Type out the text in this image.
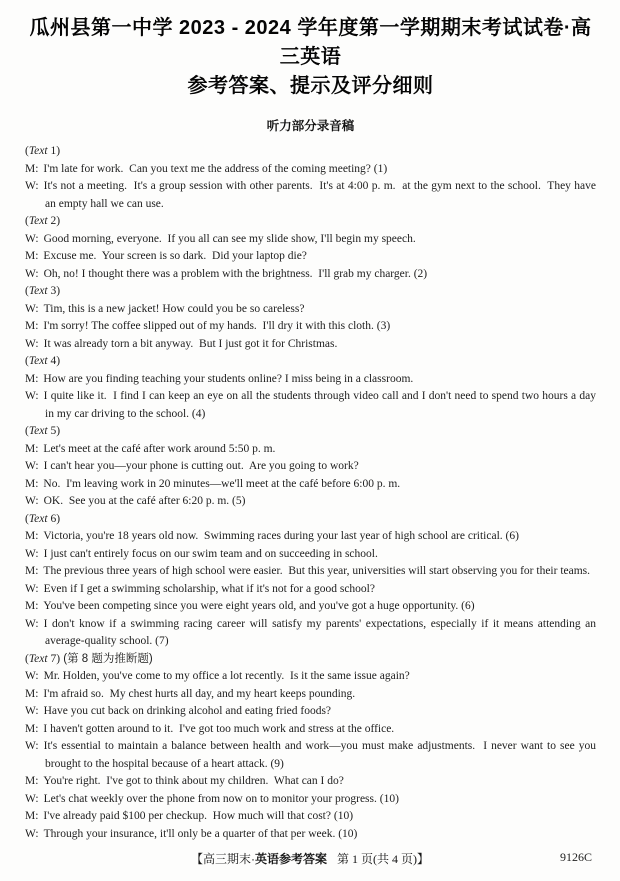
瓜州县第一中学 2023 - 2024 学年度第一学期期末考试试卷·高三英语

参考答案、提示及评分细则

听力部分录音稿

(Text 1)

M: I'm late for work.  Can you text me the address of the coming meeting? (1)

W: It's not a meeting.  It's a group session with other parents.  It's at 4:00 p. m.  at the gym next to the school.  They have an empty hall we can use.

(Text 2)

W: Good morning, everyone.  If you all can see my slide show, I'll begin my speech.

M: Excuse me.  Your screen is so dark.  Did your laptop die?

W: Oh, no! I thought there was a problem with the brightness.  I'll grab my charger. (2)

(Text 3)

W: Tim, this is a new jacket! How could you be so careless?

M: I'm sorry! The coffee slipped out of my hands.  I'll dry it with this cloth. (3)

W: It was already torn a bit anyway.  But I just got it for Christmas.

(Text 4)

M: How are you finding teaching your students online? I miss being in a classroom.

W: I quite like it.  I find I can keep an eye on all the students through video call and I don't need to spend two hours a day in my car driving to the school. (4)

(Text 5)

M: Let's meet at the café after work around 5:50 p. m.

W: I can't hear you—your phone is cutting out.  Are you going to work?

M: No.  I'm leaving work in 20 minutes—we'll meet at the café before 6:00 p. m.

W: OK.  See you at the café after 6:20 p. m. (5)

(Text 6)

M: Victoria, you're 18 years old now.  Swimming races during your last year of high school are critical. (6)

W: I just can't entirely focus on our swim team and on succeeding in school.

M: The previous three years of high school were easier.  But this year, universities will start observing you for their teams.

W: Even if I get a swimming scholarship, what if it's not for a good school?

M: You've been competing since you were eight years old, and you've got a huge opportunity. (6)

W: I don't know if a swimming racing career will satisfy my parents' expectations, especially if it means attending an average-quality school. (7)

(Text 7) (第 8 题为推断题)

W: Mr. Holden, you've come to my office a lot recently.  Is it the same issue again?

M: I'm afraid so.  My chest hurts all day, and my heart keeps pounding.

W: Have you cut back on drinking alcohol and eating fried foods?

M: I haven't gotten around to it.  I've got too much work and stress at the office.

W: It's essential to maintain a balance between health and work—you must make adjustments.  I never want to see you brought to the hospital because of a heart attack. (9)

M: You're right.  I've got to think about my children.  What can I do?

W: Let's chat weekly over the phone from now on to monitor your progress. (10)

M: I've already paid $100 per checkup.  How much will that cost? (10)

W: Through your insurance, it'll only be a quarter of that per week. (10)

【高三期末·英语参考答案 第 1 页(共 4 页)】	9126C
